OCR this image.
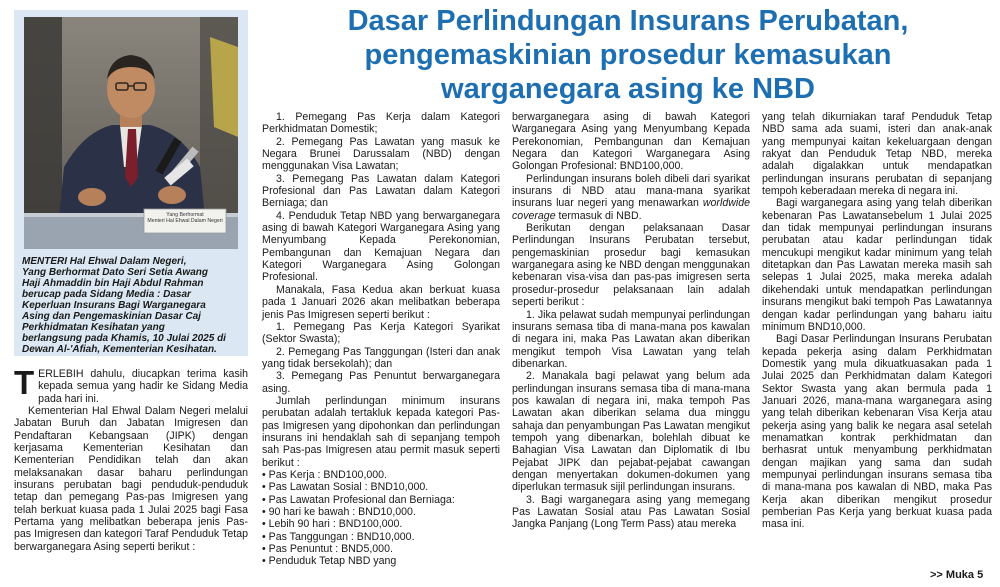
Dasar Perlindungan Insurans Perubatan,
pengemaskinian prosedur kemasukan
warganegara asing ke NBD
Yang Berhormat
Menteri Hal Ehwal Dalam Negeri

MENTERI Hal Ehwal Dalam Negeri,
Yang Berhormat Dato Seri Setia Awang
Haji Ahmaddin bin Haji Abdul Rahman
berucap pada Sidang Media : Dasar
Keperluan Insurans Bagi Warganegara
Asing dan Pengemaskinian Dasar Caj
Perkhidmatan Kesihatan yang
berlangsung pada Khamis, 10 Julai 2025 di
Dewan Al-'Afiah, Kementerian Kesihatan.

TERLEBIH dahulu, diucapkan terima kasih kepada semua yang hadir ke Sidang Media pada hari ini.
Kementerian Hal Ehwal Dalam Negeri melalui Jabatan Buruh dan Jabatan Imigresen dan Pendaftaran Kebangsaan (JIPK) dengan kerjasama Kementerian Kesihatan dan Kementerian Pendidikan telah dan akan melaksanakan dasar baharu perlindungan insurans perubatan bagi penduduk-penduduk tetap dan pemegang Pas-pas Imigresen yang telah berkuat kuasa pada 1 Julai 2025 bagi Fasa Pertama yang melibatkan beberapa jenis Pas-pas Imigresen dan kategori Taraf Penduduk Tetap berwarganegara Asing seperti berikut :
1. Pemegang Pas Kerja dalam Kategori Perkhidmatan Domestik;
2. Pemegang Pas Lawatan yang masuk ke Negara Brunei Darussalam (NBD) dengan menggunakan Visa Lawatan;
3. Pemegang Pas Lawatan dalam Kategori Profesional dan Pas Lawatan dalam Kategori Berniaga; dan
4. Penduduk Tetap NBD yang berwarganegara asing di bawah Kategori Warganegara Asing yang Menyumbang Kepada Perekonomian, Pembangunan dan Kemajuan Negara dan Kategori Warganegara Asing Golongan Profesional.
Manakala, Fasa Kedua akan berkuat kuasa pada 1 Januari 2026 akan melibatkan beberapa jenis Pas Imigresen seperti berikut :
1. Pemegang Pas Kerja Kategori Syarikat (Sektor Swasta);
2. Pemegang Pas Tanggungan (Isteri dan anak yang tidak bersekolah); dan
3. Pemegang Pas Penuntut berwarganegara asing.
Jumlah perlindungan minimum insurans perubatan adalah tertakluk kepada kategori Pas-pas Imigresen yang dipohonkan dan perlindungan insurans ini hendaklah sah di sepanjang tempoh sah Pas-pas Imigresen atau permit masuk seperti berikut :
• Pas Kerja : BND100,000.
• Pas Lawatan Sosial : BND10,000.
• Pas Lawatan Profesional dan Berniaga:
• 90 hari ke bawah : BND10,000.
• Lebih 90 hari : BND100,000.
• Pas Tanggungan : BND10,000.
• Pas Penuntut : BND5,000.
• Penduduk Tetap NBD yang
berwarganegara asing di bawah Kategori Warganegara Asing yang Menyumbang Kepada Perekonomian, Pembangunan dan Kemajuan Negara dan Kategori Warganegara Asing Golongan Profesional: BND100,000.
Perlindungan insurans boleh dibeli dari syarikat insurans di NBD atau mana-mana syarikat insurans luar negeri yang menawarkan worldwide coverage termasuk di NBD.
Berikutan dengan pelaksanaan Dasar Perlindungan Insurans Perubatan tersebut, pengemaskinian prosedur bagi kemasukan warganegara asing ke NBD dengan menggunakan kebenaran visa-visa dan pas-pas imigresen serta prosedur-prosedur pelaksanaan lain adalah seperti berikut :
1. Jika pelawat sudah mempunyai perlindungan insurans semasa tiba di mana-mana pos kawalan di negara ini, maka Pas Lawatan akan diberikan mengikut tempoh Visa Lawatan yang telah dibenarkan.
2. Manakala bagi pelawat yang belum ada perlindungan insurans semasa tiba di mana-mana pos kawalan di negara ini, maka tempoh Pas Lawatan akan diberikan selama dua minggu sahaja dan penyambungan Pas Lawatan mengikut tempoh yang dibenarkan, bolehlah dibuat ke Bahagian Visa Lawatan dan Diplomatik di Ibu Pejabat JIPK dan pejabat-pejabat cawangan dengan menyertakan dokumen-dokumen yang diperlukan termasuk sijil perlindungan insurans.
3. Bagi warganegara asing yang memegang Pas Lawatan Sosial atau Pas Lawatan Sosial Jangka Panjang (Long Term Pass) atau mereka
yang telah dikurniakan taraf Penduduk Tetap NBD sama ada suami, isteri dan anak-anak yang mempunyai kaitan kekeluargaan dengan rakyat dan Penduduk Tetap NBD, mereka adalah digalakkan untuk mendapatkan perlindungan insurans perubatan di sepanjang tempoh keberadaan mereka di negara ini.
Bagi warganegara asing yang telah diberikan kebenaran Pas Lawatansebelum 1 Julai 2025 dan tidak mempunyai perlindungan insurans perubatan atau kadar perlindungan tidak mencukupi mengikut kadar minimum yang telah ditetapkan dan Pas Lawatan mereka masih sah selepas 1 Julai 2025, maka mereka adalah dikehendaki untuk mendapatkan perlindungan insurans mengikut baki tempoh Pas Lawatannya dengan kadar perlindungan yang baharu iaitu minimum BND10,000.
Bagi Dasar Perlindungan Insurans Perubatan kepada pekerja asing dalam Perkhidmatan Domestik yang mula dikuatkuasakan pada 1 Julai 2025 dan Perkhidmatan dalam Kategori Sektor Swasta yang akan bermula pada 1 Januari 2026, mana-mana warganegara asing yang telah diberikan kebenaran Visa Kerja atau pekerja asing yang balik ke negara asal setelah menamatkan kontrak perkhidmatan dan berhasrat untuk menyambung perkhidmatan dengan majikan yang sama dan sudah mempunyai perlindungan insurans semasa tiba di mana-mana pos kawalan di NBD, maka Pas Kerja akan diberikan mengikut prosedur pemberian Pas Kerja yang berkuat kuasa pada masa ini.
>> Muka 5
